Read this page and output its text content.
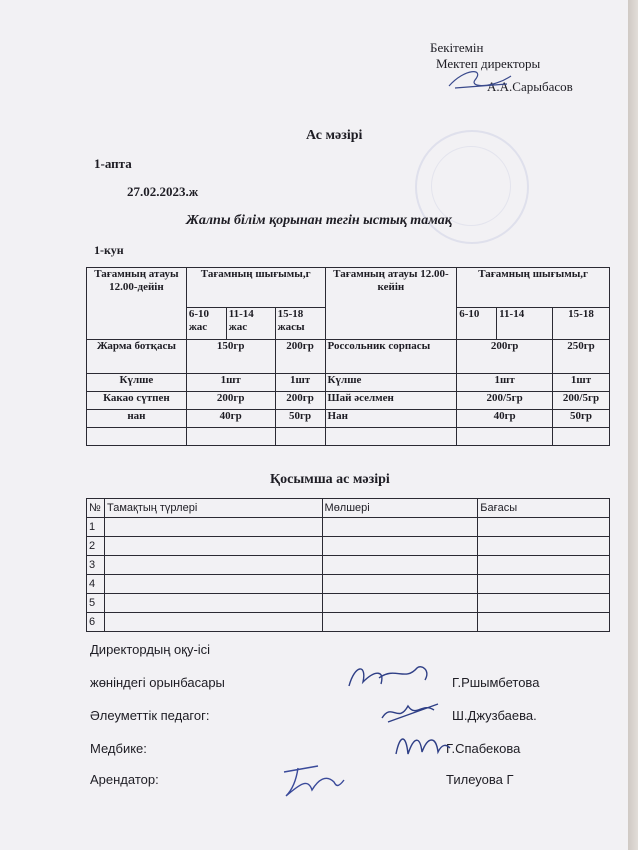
Бекітемін
Мектеп директоры
А.А.Сарыбасов
Ас мәзірі
1-апта
27.02.2023.ж
Жалпы білім қорынан тегін ыстық тамақ
1-кун
Тағамның атауы 12.00-дейін	Тағамның шығымы,г			Тағамның атауы 12.00-кейін	Тағамның шығымы,г		
	6-10 жас	11-14 жас	15-18 жасы		6-10	11-14	15-18
Жарма ботқасы	150гр		200гр	Россольник сорпасы	200гр		250гр
Күлше	1шт		1шт	Күлше	1шт		1шт
Какао сүтпен	200гр		200гр	Шай әселмен	200/5гр		200/5гр
нан	40гр		50гр	Нан	40гр		50гр

Қосымша ас мәзірі
№	Тамақтың түрлері	Мөлшері	Бағасы
1			
2			
3			
4			
5			
6			
Директордың оқу-ісі
жөніндегі орынбасары	Г.Ршымбетова
Әлеуметтік педагог:	Ш.Джузбаева.
Медбике:	Г.Спабекова
Арендатор:	Тилеуова Г
